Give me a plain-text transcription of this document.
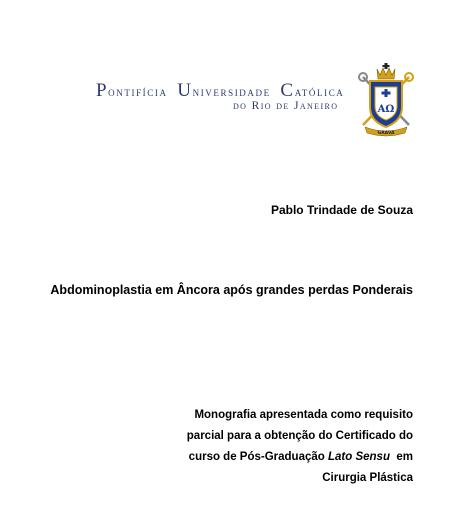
Pontifícia Universidade Católica
do Rio de Janeiro	AΩ
GRAVA
Pablo Trindade de Souza
Abdominoplastia em Âncora após grandes perdas Ponderais
Monografia apresentada como requisito
parcial para a obtenção do Certificado do
curso de Pós-Graduação Lato Sensu  em
Cirurgia Plástica
